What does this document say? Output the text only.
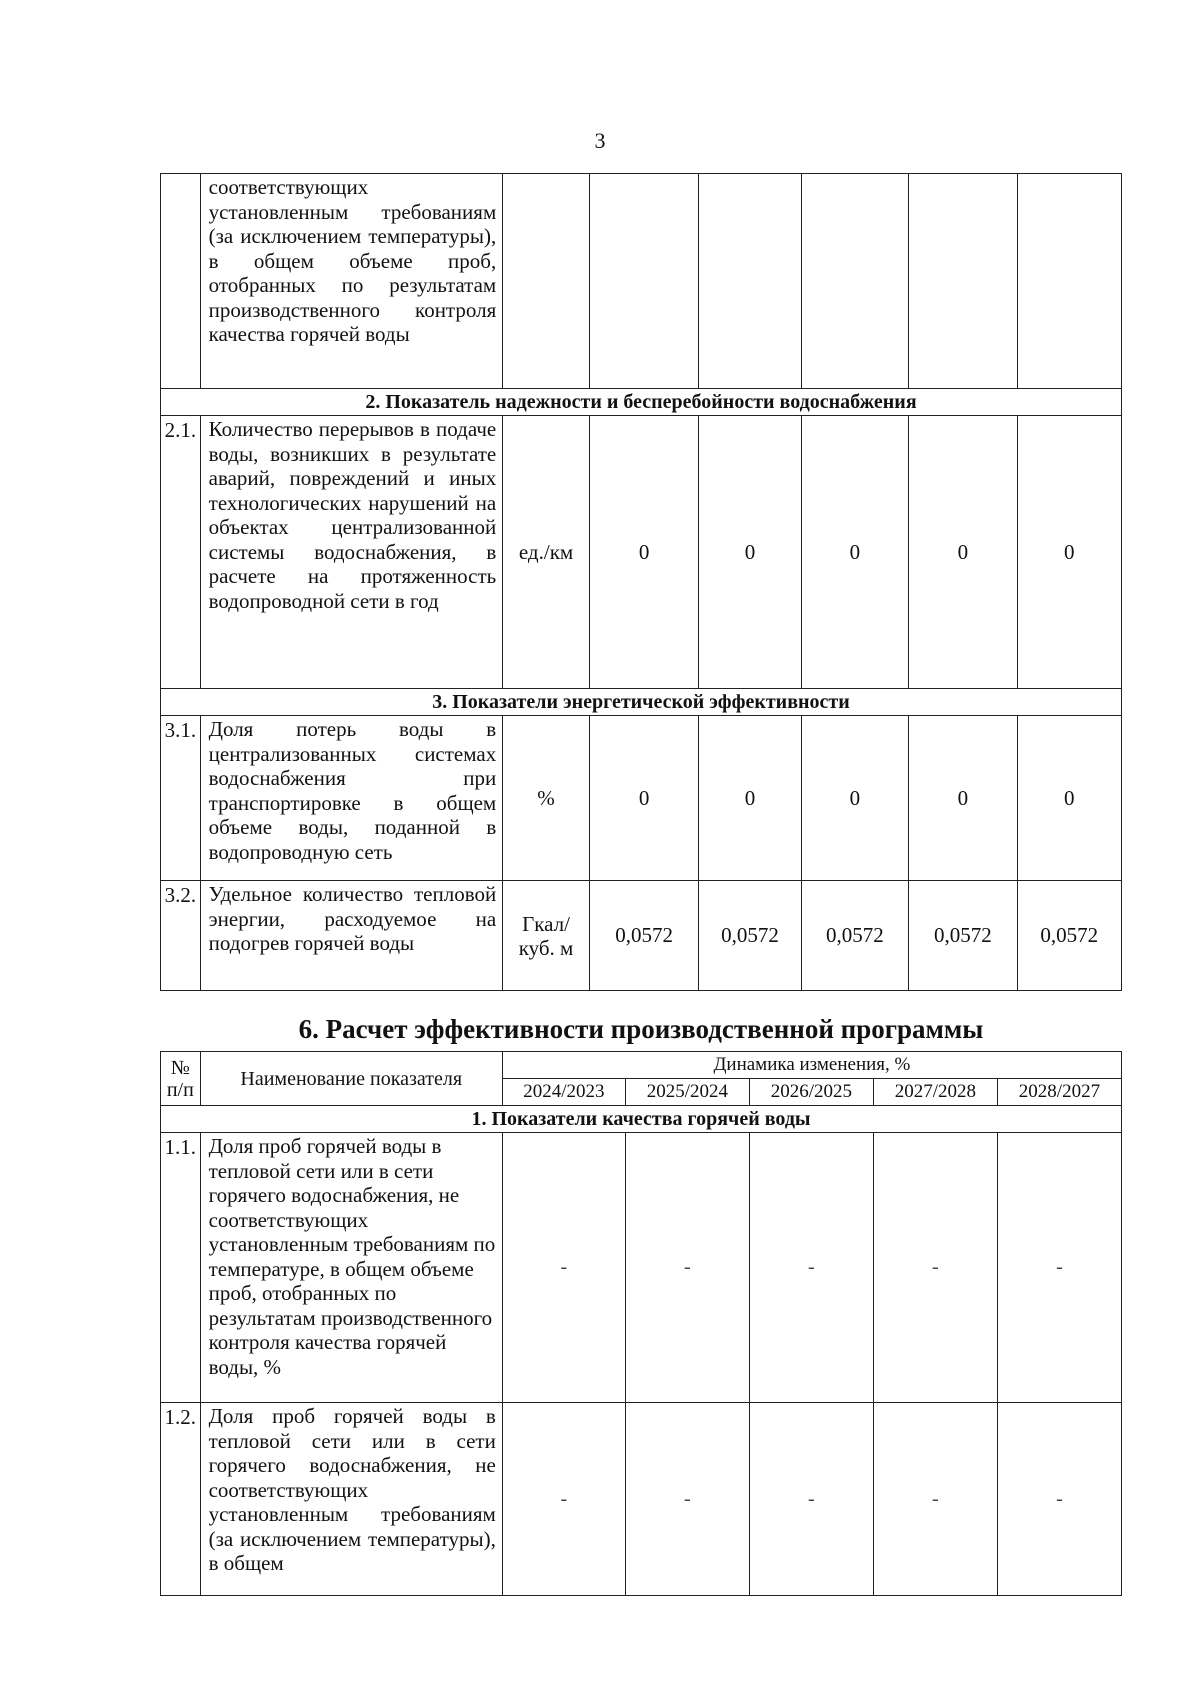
3
	соответствующих установленным требованиям (за исключением температуры), в общем объеме проб, отобранных по результатам производственного контроля качества горячей воды						
2. Показатель надежности и бесперебойности водоснабжения							
2.1.	Количество перерывов в подаче воды, возникших в результате аварий, повреждений и иных технологических нарушений на объектах централизованной системы водоснабжения, в расчете на протяженность водопроводной сети в год	ед./км	0	0	0	0	0
3. Показатели энергетической эффективности							
3.1.	Доля потерь воды в централизованных системах водоснабжения при транспортировке в общем объеме воды, поданной в водопроводную сеть	%	0	0	0	0	0
3.2.	Удельное количество тепловой энергии, расходуемое на подогрев горячей воды	Гкал/ куб. м	0,0572	0,0572	0,0572	0,0572	0,0572
6. Расчет эффективности производственной программы
№ п/п	Наименование показателя	Динамика изменения, %				
		2024/2023	2025/2024	2026/2025	2027/2028	2028/2027
1. Показатели качества горячей воды						
1.1.	Доля проб горячей воды в тепловой сети или в сети горячего водоснабжения, не соответствующих установленным требованиям по температуре, в общем объеме проб, отобранных по результатам производственного контроля качества горячей воды, %	-	-	-	-	-
1.2.	Доля проб горячей воды в тепловой сети или в сети горячего водоснабжения, не соответствующих установленным требованиям (за исключением температуры), в общем	-	-	-	-	-
